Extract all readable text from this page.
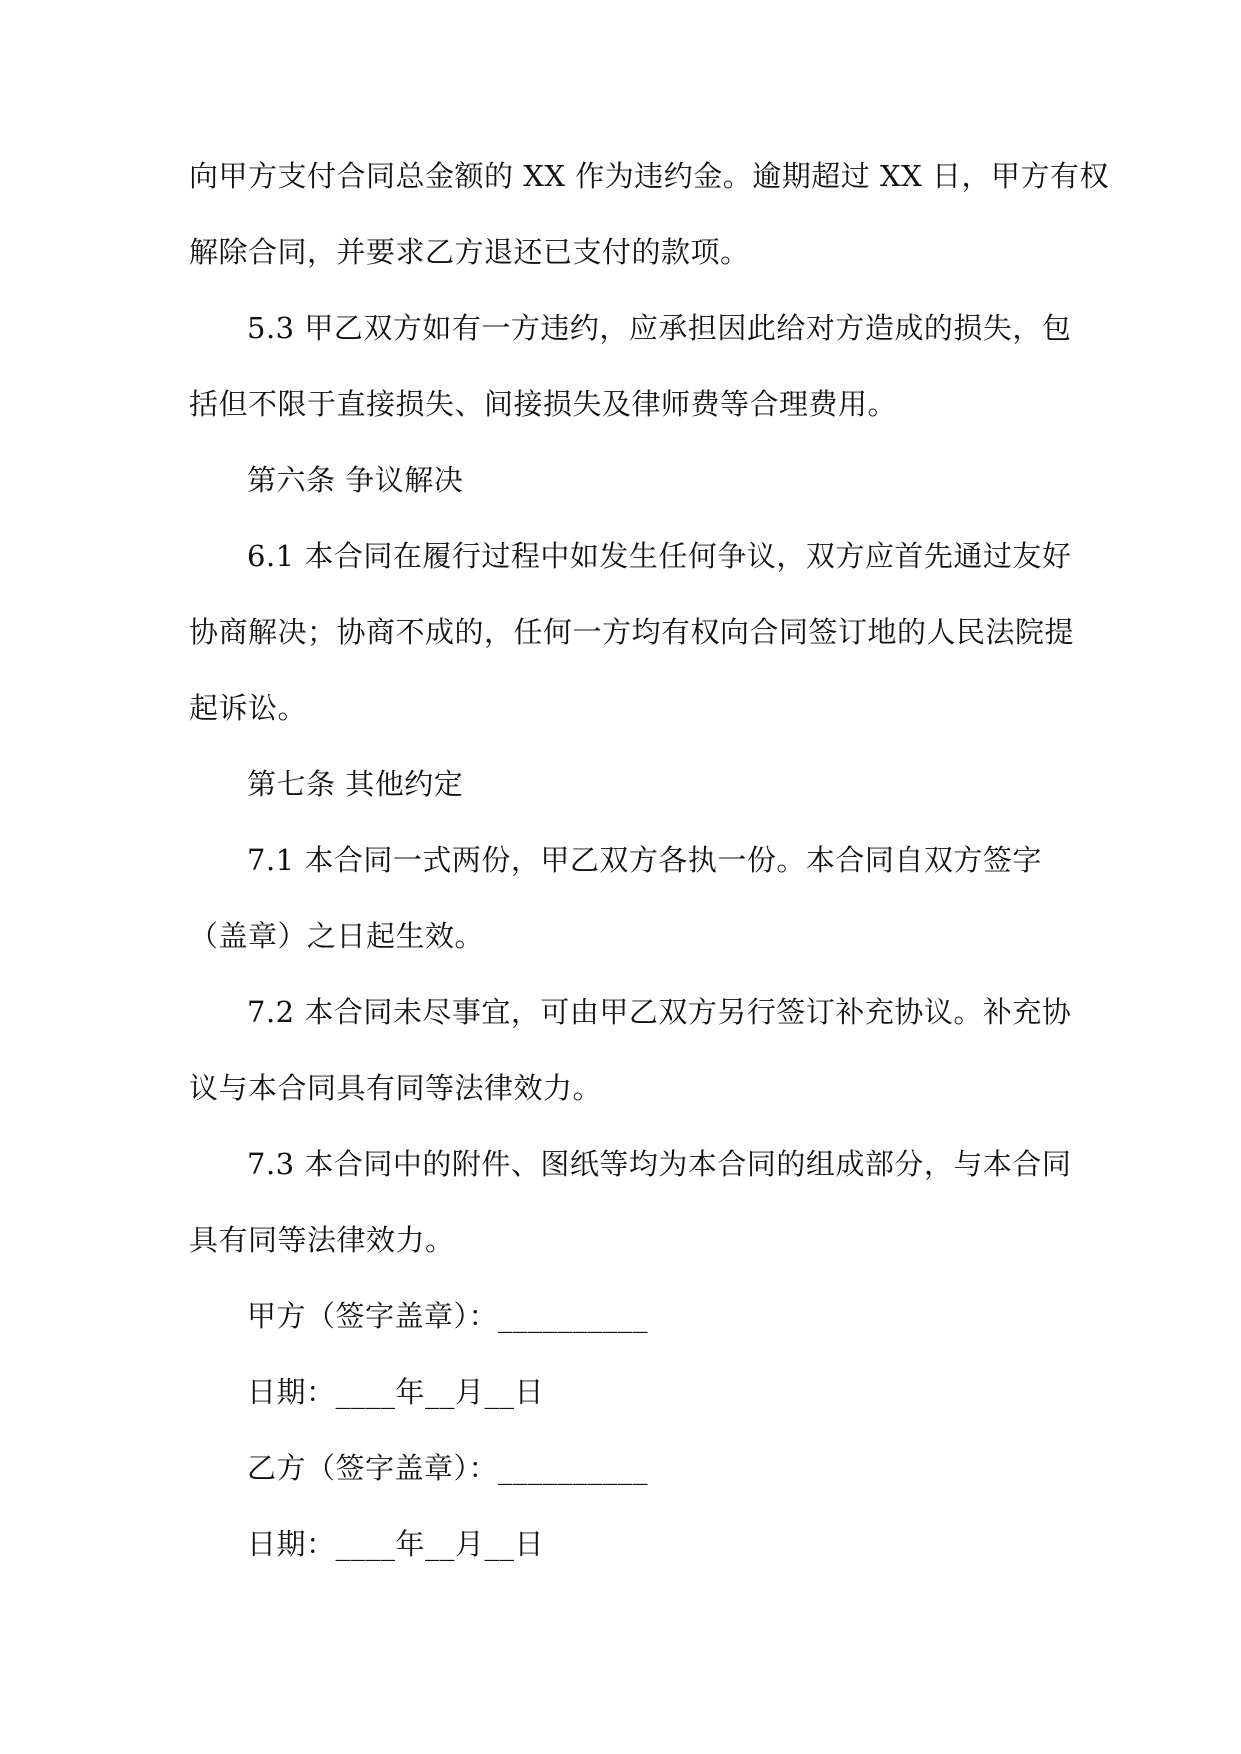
向甲方支付合同总金额的 XX 作为违约金。逾期超过 XX 日，甲方有权
解除合同，并要求乙方退还已支付的款项。
5.3 甲乙双方如有一方违约，应承担因此给对方造成的损失，包
括但不限于直接损失、间接损失及律师费等合理费用。
第六条 争议解决
6.1 本合同在履行过程中如发生任何争议，双方应首先通过友好
协商解决；协商不成的，任何一方均有权向合同签订地的人民法院提
起诉讼。
第七条 其他约定
7.1 本合同一式两份，甲乙双方各执一份。本合同自双方签字
（盖章）之日起生效。
7.2 本合同未尽事宜，可由甲乙双方另行签订补充协议。补充协
议与本合同具有同等法律效力。
7.3 本合同中的附件、图纸等均为本合同的组成部分，与本合同
具有同等法律效力。
甲方（签字盖章）：__________
日期：____年__月__日
乙方（签字盖章）：__________
日期：____年__月__日
